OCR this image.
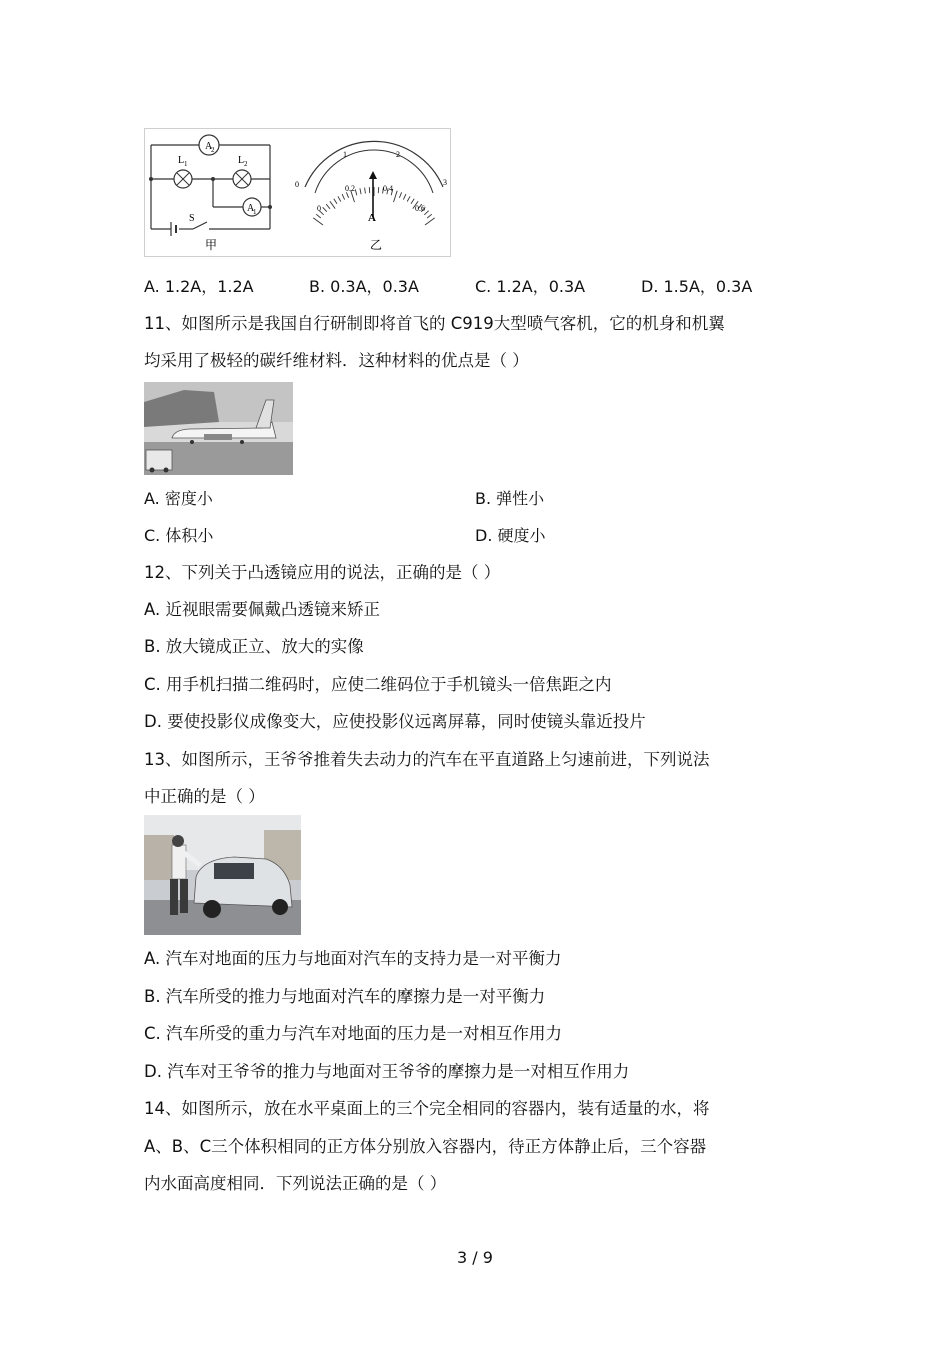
A
2
L 1	L 2
A
1
S
甲
0
1	2
3
0
0.2	0.4
0.6
A
乙
A. 1.2A，1.2A	B. 0.3A，0.3A	C. 1.2A，0.3A	D. 1.5A，0.3A
11、如图所示是我国自行研制即将首飞的 C919大型喷气客机，它的机身和机翼
均采用了极轻的碳纤维材料．这种材料的优点是（ ）
A. 密度小	B. 弹性小
C. 体积小	D. 硬度小
12、下列关于凸透镜应用的说法，正确的是（ ）
A. 近视眼需要佩戴凸透镜来矫正
B. 放大镜成正立、放大的实像
C. 用手机扫描二维码时，应使二维码位于手机镜头一倍焦距之内
D. 要使投影仪成像变大，应使投影仪远离屏幕，同时使镜头靠近投片
13、如图所示，王爷爷推着失去动力的汽车在平直道路上匀速前进，下列说法
中正确的是（ ）
A. 汽车对地面的压力与地面对汽车的支持力是一对平衡力
B. 汽车所受的推力与地面对汽车的摩擦力是一对平衡力
C. 汽车所受的重力与汽车对地面的压力是一对相互作用力
D. 汽车对王爷爷的推力与地面对王爷爷的摩擦力是一对相互作用力
14、如图所示，放在水平桌面上的三个完全相同的容器内，装有适量的水，将
A、B、C三个体积相同的正方体分别放入容器内，待正方体静止后，三个容器
内水面高度相同．下列说法正确的是（ ）
3 / 9
